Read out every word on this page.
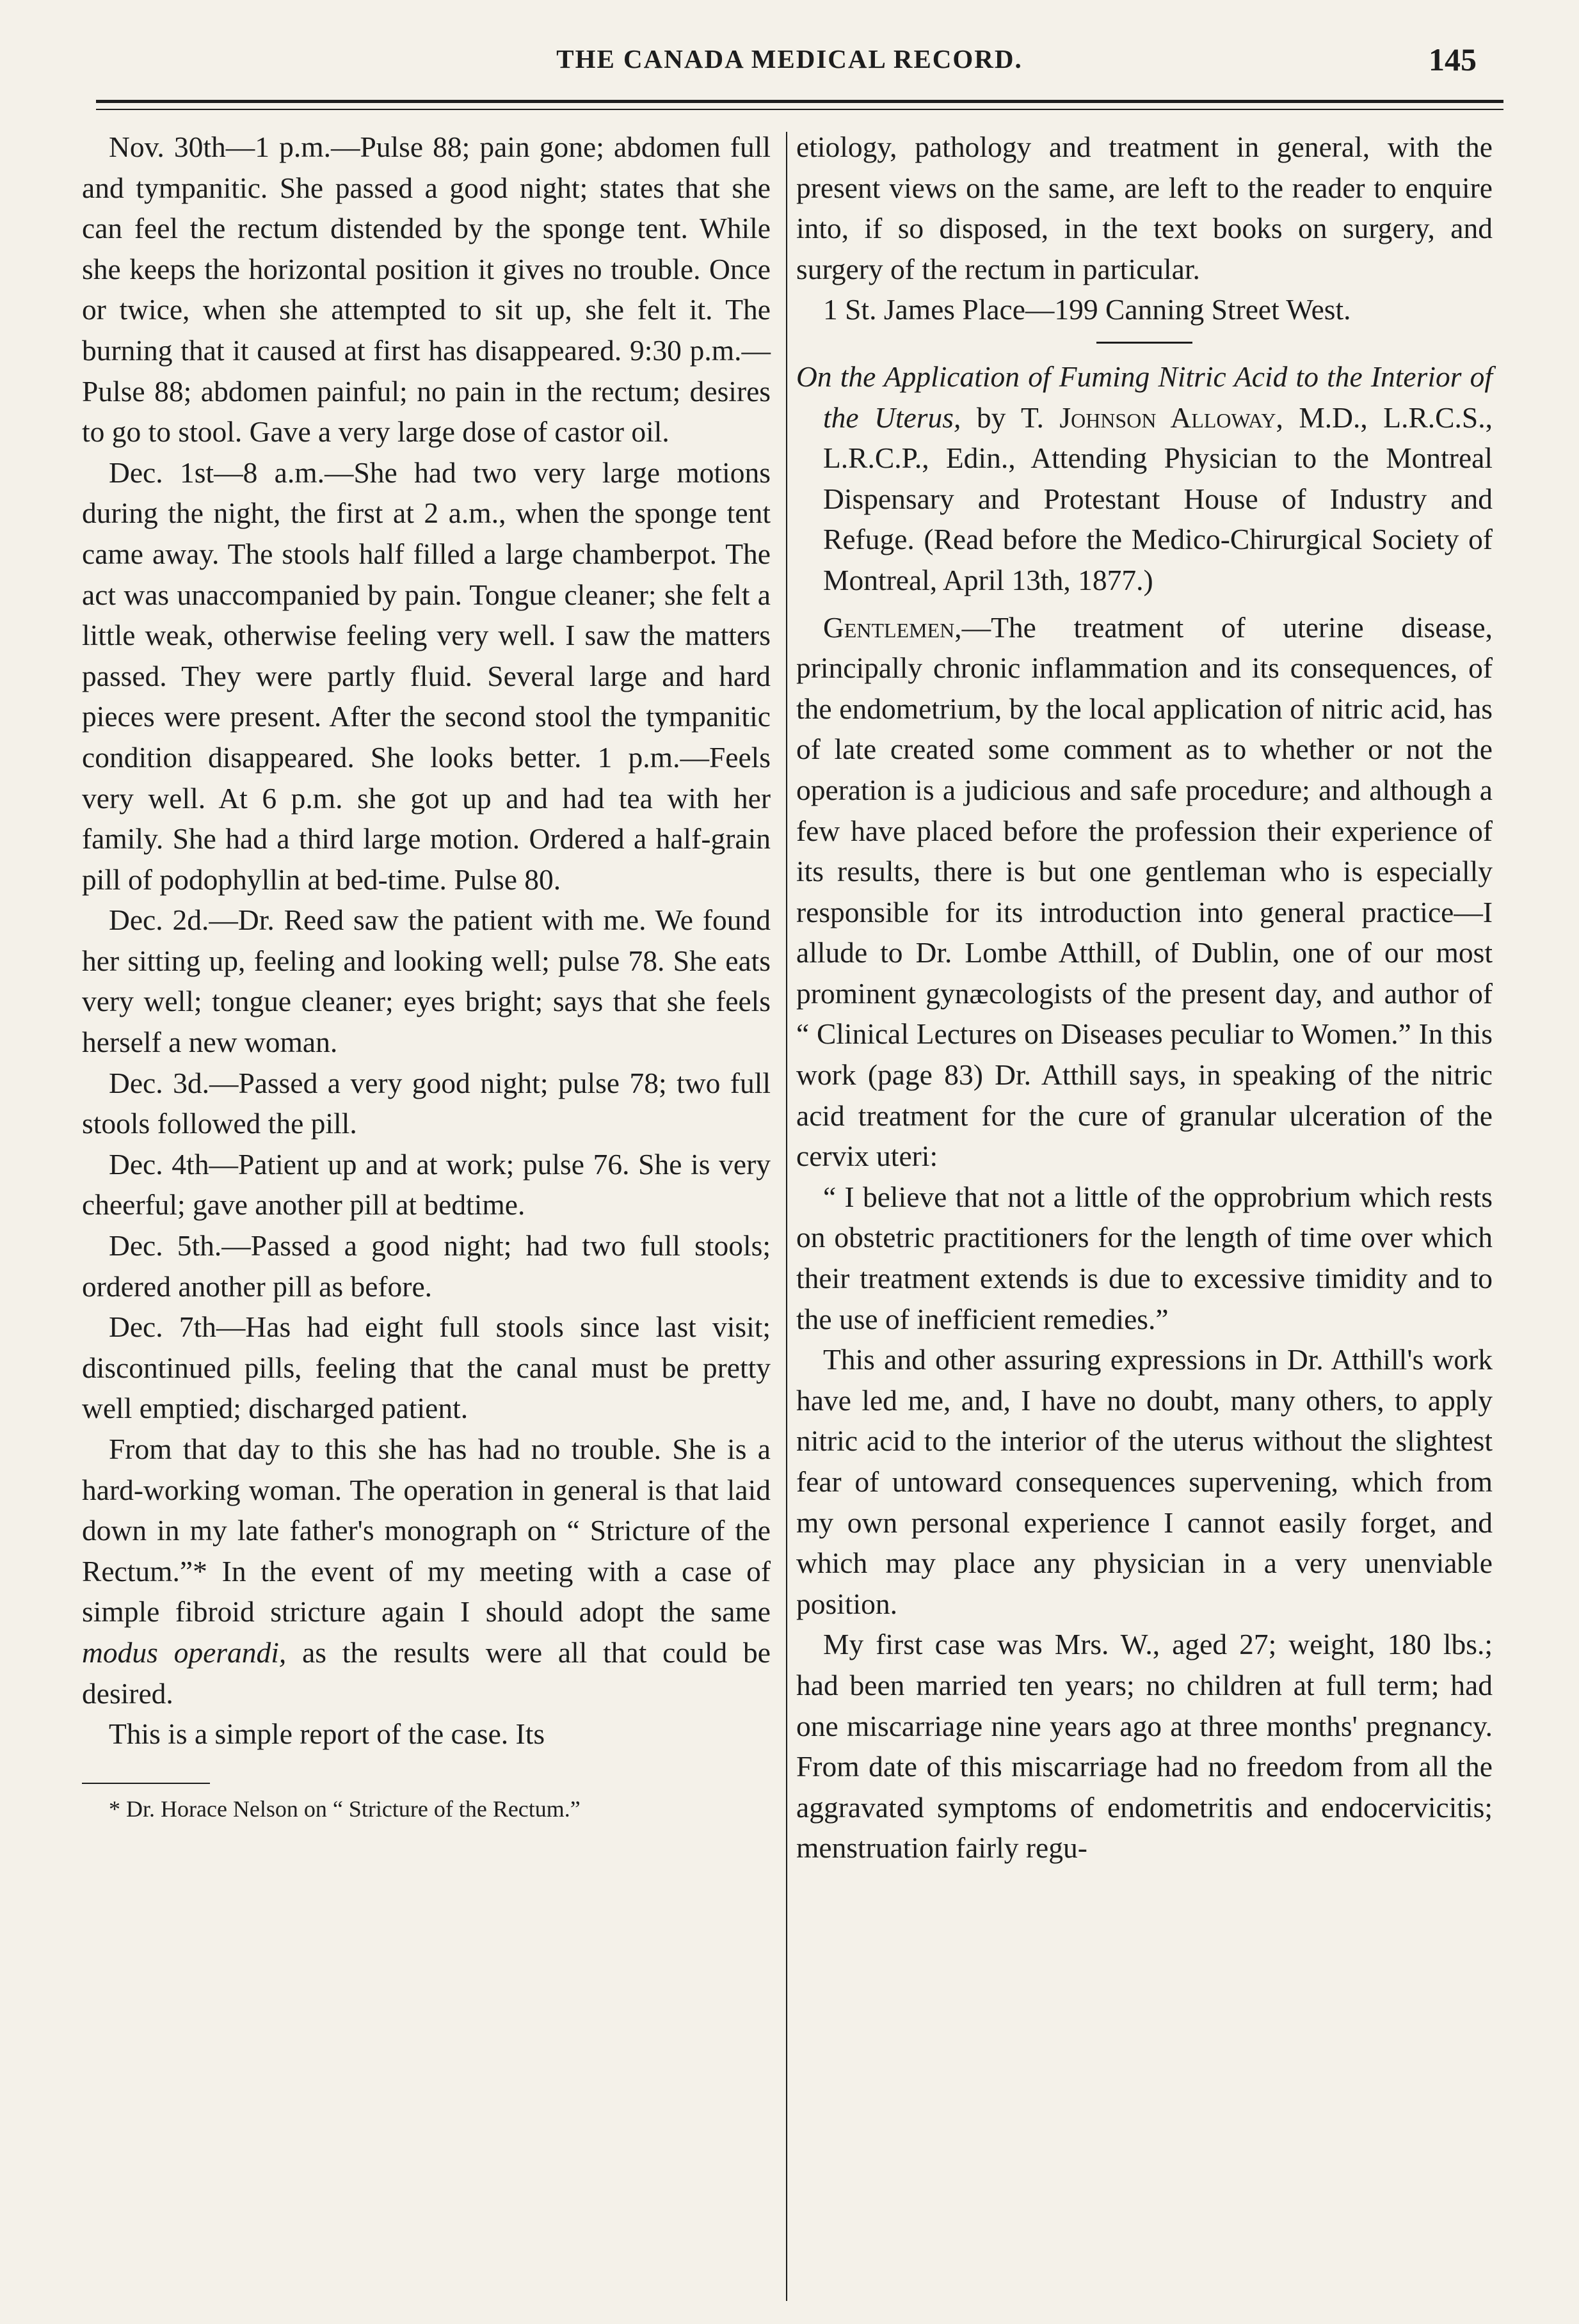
THE CANADA MEDICAL RECORD.	145

Nov. 30th—1 p.m.—Pulse 88; pain gone; abdomen full and tympanitic. She passed a good night; states that she can feel the rectum distended by the sponge tent. While she keeps the horizontal position it gives no trouble. Once or twice, when she attempted to sit up, she felt it. The burning that it caused at first has disappeared. 9:30 p.m.—Pulse 88; abdomen painful; no pain in the rectum; desires to go to stool. Gave a very large dose of castor oil.

Dec. 1st—8 a.m.—She had two very large motions during the night, the first at 2 a.m., when the sponge tent came away. The stools half filled a large chamberpot. The act was unaccompanied by pain. Tongue cleaner; she felt a little weak, otherwise feeling very well. I saw the matters passed. They were partly fluid. Several large and hard pieces were present. After the second stool the tympanitic condition disappeared. She looks better. 1 p.m.—Feels very well. At 6 p.m. she got up and had tea with her family. She had a third large motion. Ordered a half-grain pill of podophyllin at bed-time. Pulse 80.

Dec. 2d.—Dr. Reed saw the patient with me. We found her sitting up, feeling and looking well; pulse 78. She eats very well; tongue cleaner; eyes bright; says that she feels herself a new woman.

Dec. 3d.—Passed a very good night; pulse 78; two full stools followed the pill.

Dec. 4th—Patient up and at work; pulse 76. She is very cheerful; gave another pill at bedtime.

Dec. 5th.—Passed a good night; had two full stools; ordered another pill as before.

Dec. 7th—Has had eight full stools since last visit; discontinued pills, feeling that the canal must be pretty well emptied; discharged patient.

From that day to this she has had no trouble. She is a hard-working woman. The operation in general is that laid down in my late father's monograph on “ Stricture of the Rectum.”* In the event of my meeting with a case of simple fibroid stricture again I should adopt the same modus operandi, as the results were all that could be desired.

This is a simple report of the case. Its

* Dr. Horace Nelson on “ Stricture of the Rectum.”

etiology, pathology and treatment in general, with the present views on the same, are left to the reader to enquire into, if so disposed, in the text books on surgery, and surgery of the rectum in particular.

1 St. James Place—199 Canning Street West.

On the Application of Fuming Nitric Acid to the Interior of the Uterus, by T. Johnson Alloway, M.D., L.R.C.S., L.R.C.P., Edin., Attending Physician to the Montreal Dispensary and Protestant House of Industry and Refuge. (Read before the Medico-Chirurgical Society of Montreal, April 13th, 1877.)

Gentlemen,—The treatment of uterine disease, principally chronic inflammation and its consequences, of the endometrium, by the local application of nitric acid, has of late created some comment as to whether or not the operation is a judicious and safe procedure; and although a few have placed before the profession their experience of its results, there is but one gentleman who is especially responsible for its introduction into general practice—I allude to Dr. Lombe Atthill, of Dublin, one of our most prominent gynæcologists of the present day, and author of “ Clinical Lectures on Diseases peculiar to Women.” In this work (page 83) Dr. Atthill says, in speaking of the nitric acid treatment for the cure of granular ulceration of the cervix uteri:

“ I believe that not a little of the opprobrium which rests on obstetric practitioners for the length of time over which their treatment extends is due to excessive timidity and to the use of inefficient remedies.”

This and other assuring expressions in Dr. Atthill's work have led me, and, I have no doubt, many others, to apply nitric acid to the interior of the uterus without the slightest fear of untoward consequences supervening, which from my own personal experience I cannot easily forget, and which may place any physician in a very unenviable position.

My first case was Mrs. W., aged 27; weight, 180 lbs.; had been married ten years; no children at full term; had one miscarriage nine years ago at three months' pregnancy. From date of this miscarriage had no freedom from all the aggravated symptoms of endometritis and endocervicitis; menstruation fairly regu-
